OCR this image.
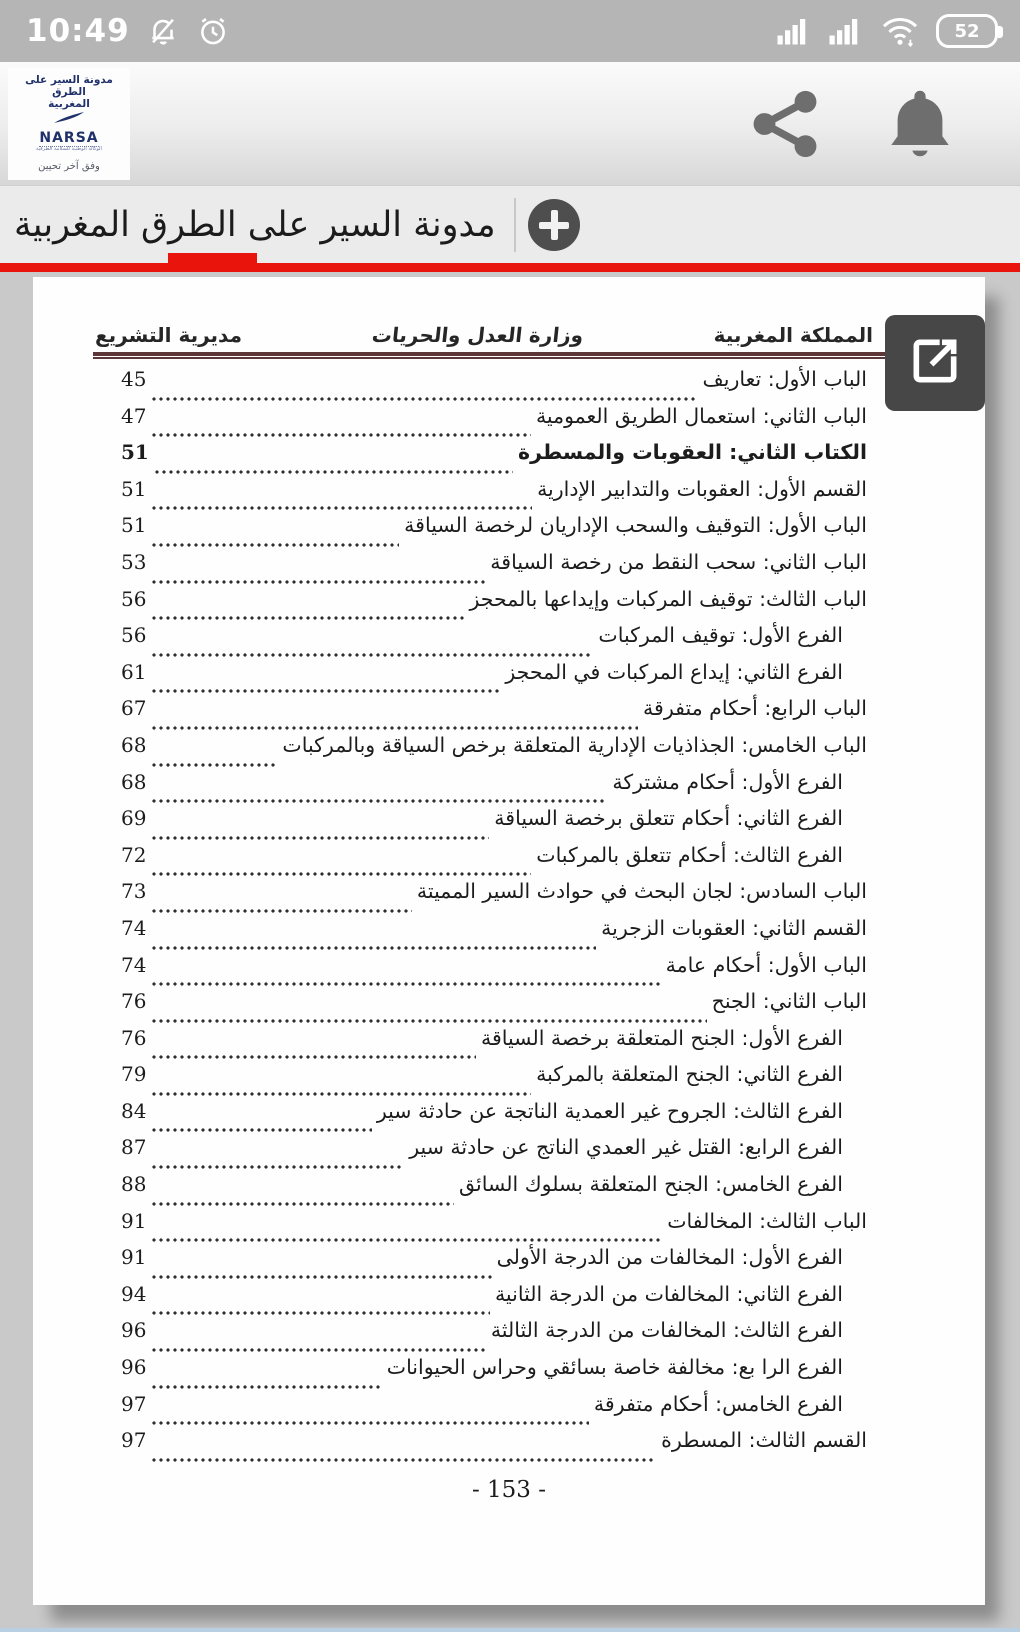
10:49	52
مدونة السير على الطرق
المغربية
NARSA
الوكالة الوطنية للسلامة الطرقية
وفق آخر تحيين
مدونة السير على الطرق المغربية
المملكة المغربية
وزارة العدل والحريات
مديرية التشريع
الباب الأول: تعاريف
45
الباب الثاني: استعمال الطريق العمومية
47
الكتاب الثاني: العقوبات والمسطرة
51
القسم الأول: العقوبات والتدابير الإدارية
51
الباب الأول: التوقيف والسحب الإداريان لرخصة السياقة
51
الباب الثاني: سحب النقط من رخصة السياقة
53
الباب الثالث: توقيف المركبات وإيداعها بالمحجز
56
الفرع الأول: توقيف المركبات
56
الفرع الثاني: إيداع المركبات في المحجز
61
الباب الرابع: أحكام متفرقة
67
الباب الخامس: الجذاذيات الإدارية المتعلقة برخص السياقة وبالمركبات
68
الفرع الأول: أحكام مشتركة
68
الفرع الثاني: أحكام تتعلق برخصة السياقة
69
الفرع الثالث: أحكام تتعلق بالمركبات
72
الباب السادس: لجان البحث في حوادث السير المميتة
73
القسم الثاني: العقوبات الزجرية
74
الباب الأول: أحكام عامة
74
الباب الثاني: الجنح
76
الفرع الأول: الجنح المتعلقة برخصة السياقة
76
الفرع الثاني: الجنح المتعلقة بالمركبة
79
الفرع الثالث: الجروح غير العمدية الناتجة عن حادثة سير
84
الفرع الرابع: القتل غير العمدي الناتج عن حادثة سير
87
الفرع الخامس: الجنح المتعلقة بسلوك السائق
88
الباب الثالث: المخالفات
91
الفرع الأول: المخالفات من الدرجة الأولى
91
الفرع الثاني: المخالفات من الدرجة الثانية
94
الفرع الثالث: المخالفات من الدرجة الثالثة
96
الفرع الرا بع: مخالفة خاصة بسائقي وحراس الحيوانات
96
الفرع الخامس: أحكام متفرقة
97
القسم الثالث: المسطرة
97
- 153 -
